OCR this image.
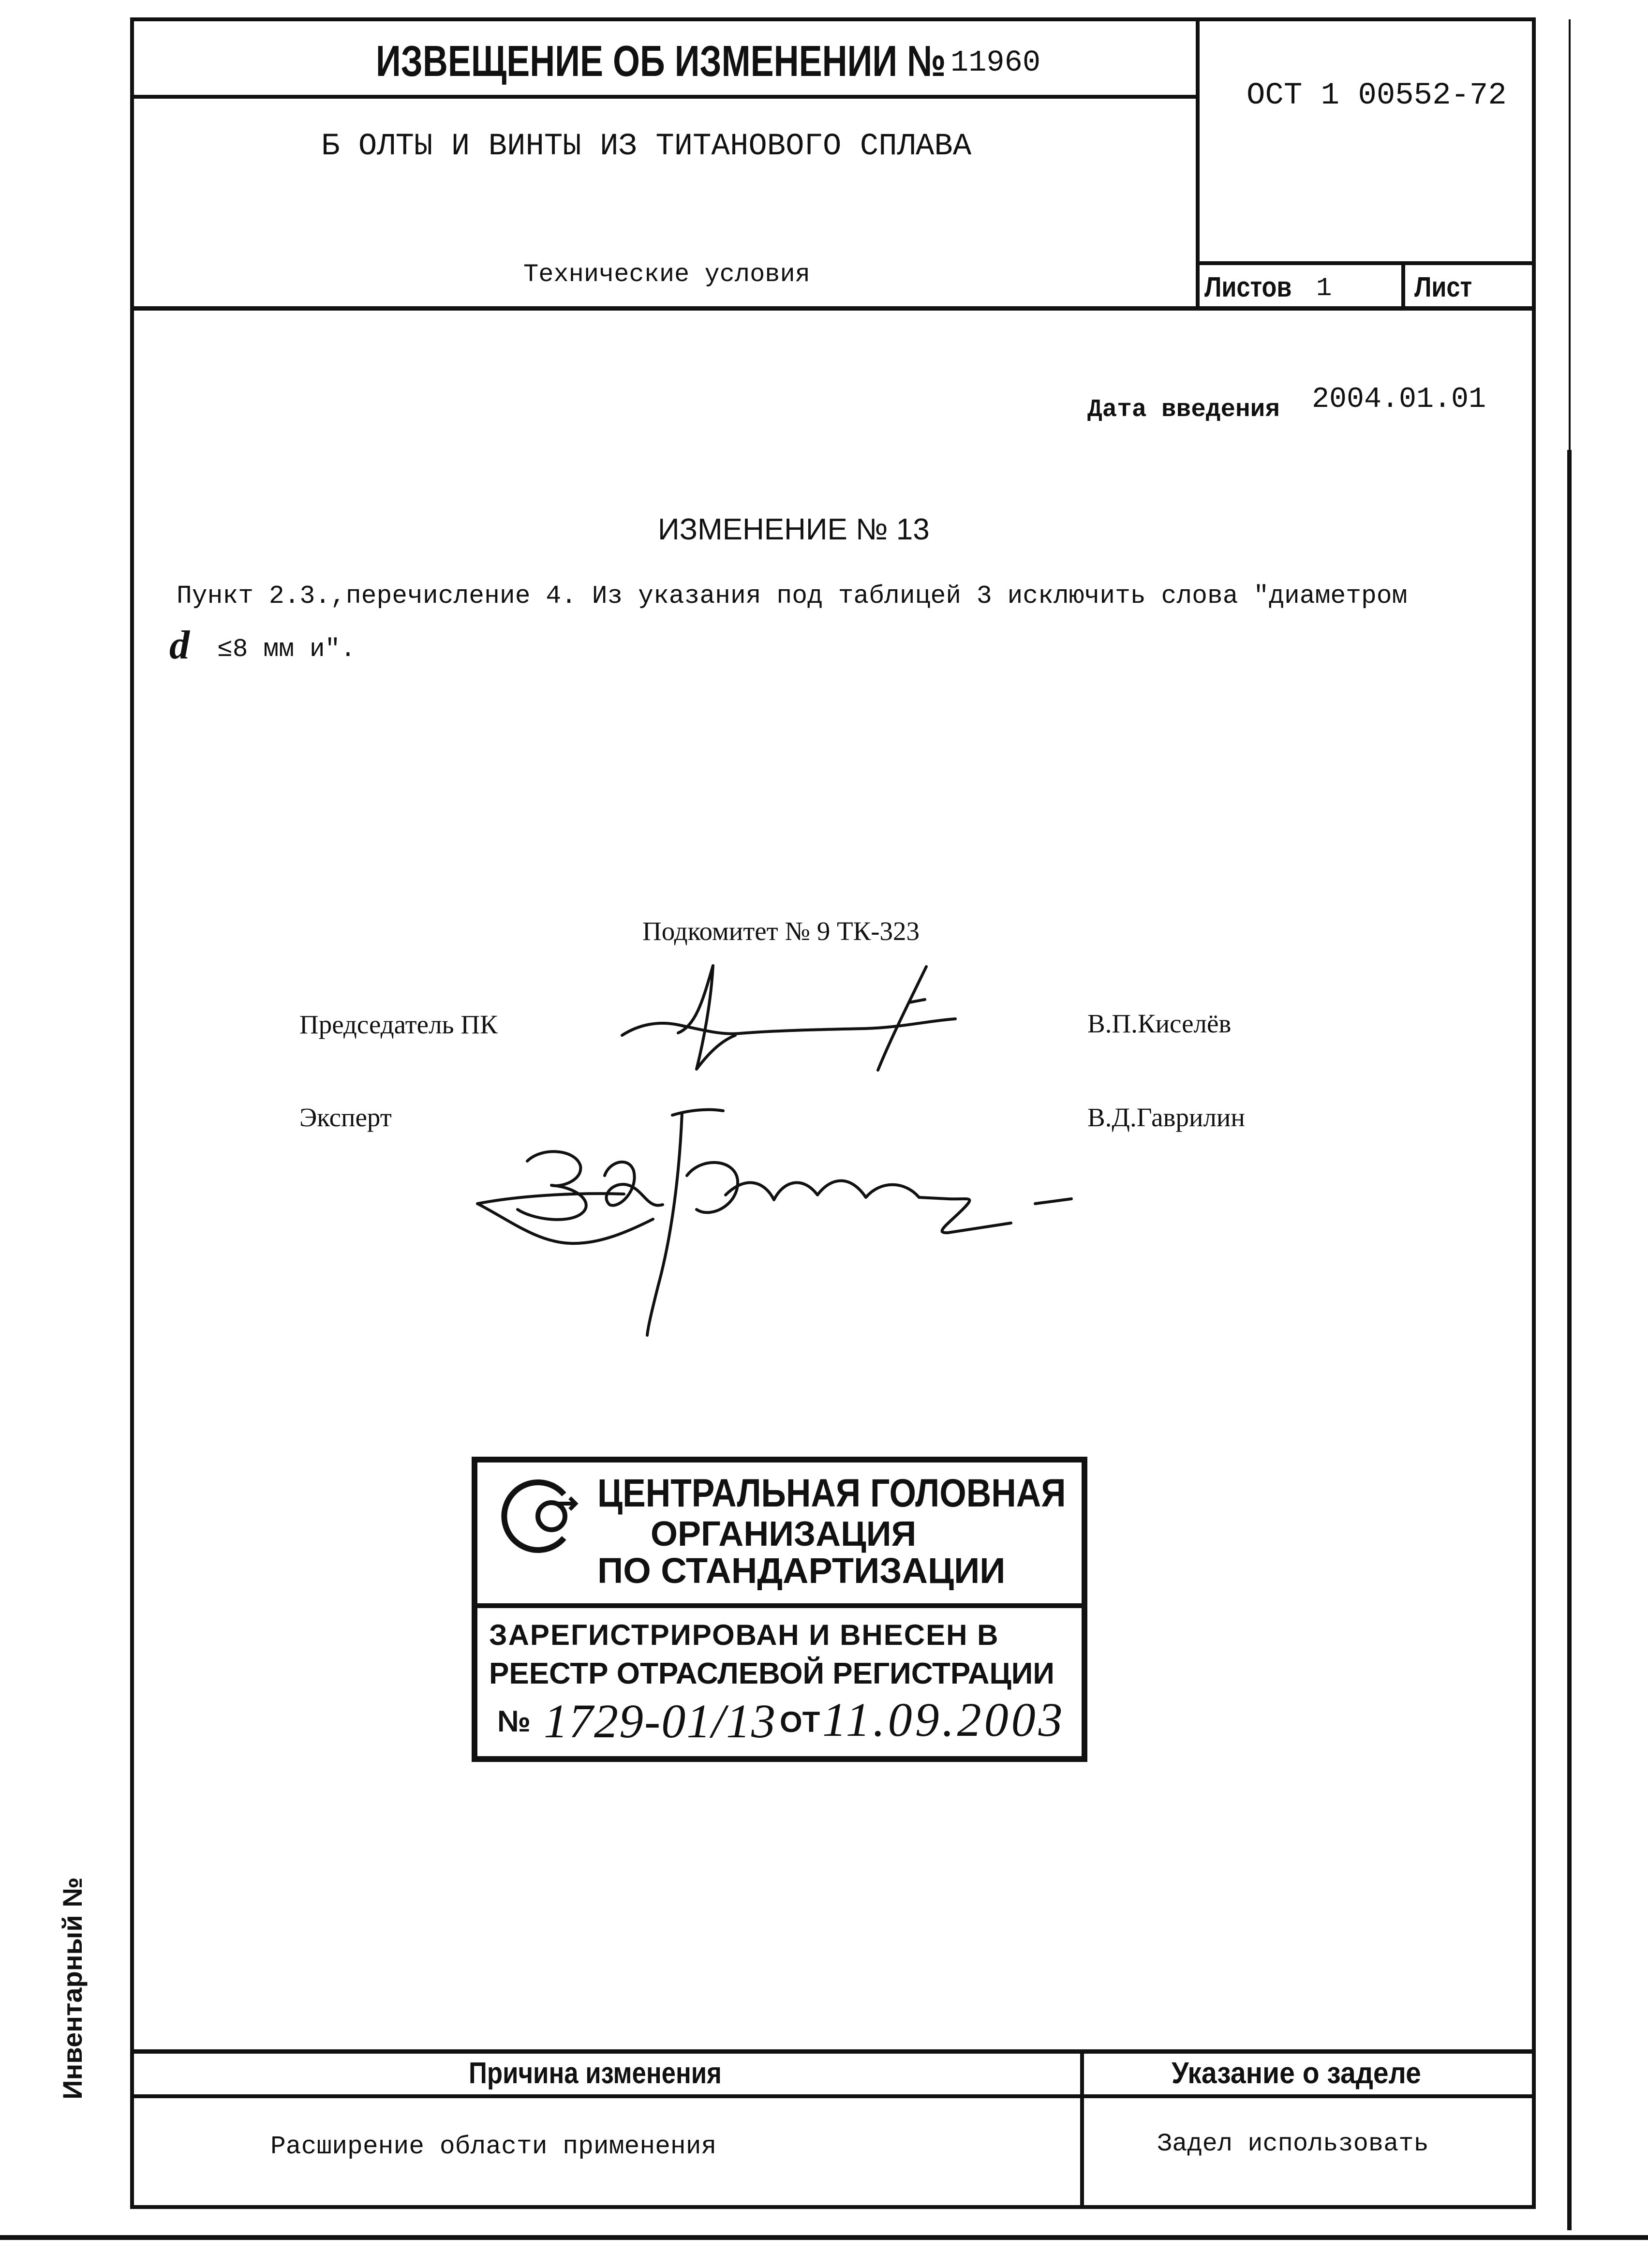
ИЗВЕЩЕНИЕ ОБ ИЗМЕНЕНИИ № 11960
Б ОЛТЫ И ВИНТЫ ИЗ ТИТАНОВОГО СПЛАВА
Технические условия
ОСТ 1 00552-72
Листов 1	Лист
Дата введения 2004.01.01
ИЗМЕНЕНИЕ № 13
Пункт 2.3.,перечисление 4. Из указания под таблицей 3 исключить слова "диаметром
d ≤8 мм и".
Подкомитет № 9 ТК-323
Председатель ПК	В.П.Киселёв
Эксперт	В.Д.Гаврилин
ЦЕНТРАЛЬНАЯ ГОЛОВНАЯ
ОРГАНИЗАЦИЯ
ПО СТАНДАРТИЗАЦИИ
ЗАРЕГИСТРИРОВАН И ВНЕСЕН В
РЕЕСТР ОТРАСЛЕВОЙ РЕГИСТРАЦИИ
№ 1729-01/13 ОТ 11.09.2003
Причина изменения	Указание о заделе
Расширение области применения	Задел использовать
Инвентарный №
